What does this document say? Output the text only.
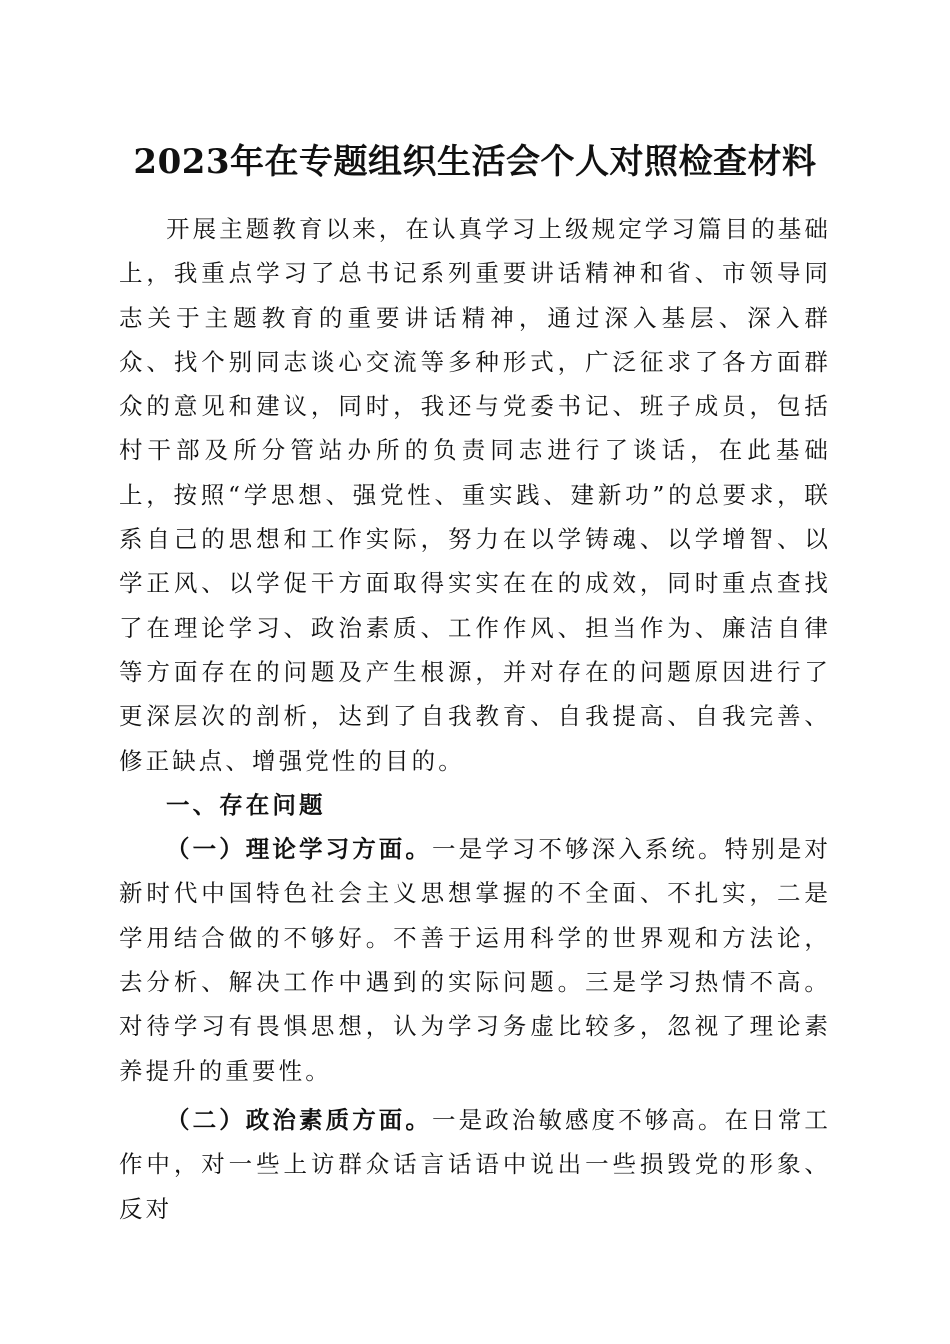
2023年在专题组织生活会个人对照检查材料

开展主题教育以来，在认真学习上级规定学习篇目的基础上，我重点学习了总书记系列重要讲话精神和省、市领导同志关于主题教育的重要讲话精神，通过深入基层、深入群众、找个别同志谈心交流等多种形式，广泛征求了各方面群众的意见和建议，同时，我还与党委书记、班子成员，包括村干部及所分管站办所的负责同志进行了谈话，在此基础上，按照“学思想、强党性、重实践、建新功”的总要求，联系自己的思想和工作实际，努力在以学铸魂、以学增智、以学正风、以学促干方面取得实实在在的成效，同时重点查找了在理论学习、政治素质、工作作风、担当作为、廉洁自律等方面存在的问题及产生根源，并对存在的问题原因进行了更深层次的剖析，达到了自我教育、自我提高、自我完善、修正缺点、增强党性的目的。

一、存在问题

（一）理论学习方面。一是学习不够深入系统。特别是对新时代中国特色社会主义思想掌握的不全面、不扎实，二是学用结合做的不够好。不善于运用科学的世界观和方法论，去分析、解决工作中遇到的实际问题。三是学习热情不高。对待学习有畏惧思想，认为学习务虚比较多，忽视了理论素养提升的重要性。

（二）政治素质方面。一是政治敏感度不够高。在日常工作中，对一些上访群众话言话语中说出一些损毁党的形象、反对
